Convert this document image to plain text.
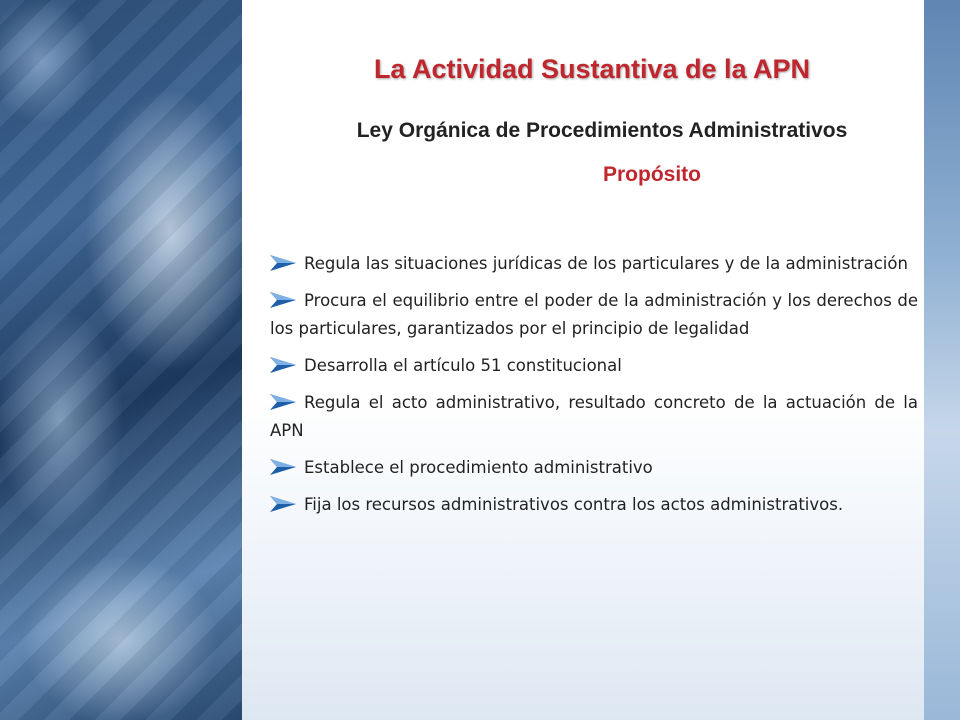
La Actividad Sustantiva de la APN
Ley Orgánica de Procedimientos Administrativos
Propósito
Regula las situaciones jurídicas de los particulares y de la administración
Procura el equilibrio entre el poder de la administración y los derechos de los particulares, garantizados por el principio de legalidad
Desarrolla el artículo 51 constitucional
Regula el acto administrativo, resultado concreto de la actuación de la APN
Establece el procedimiento administrativo
Fija los recursos administrativos contra los actos administrativos.
